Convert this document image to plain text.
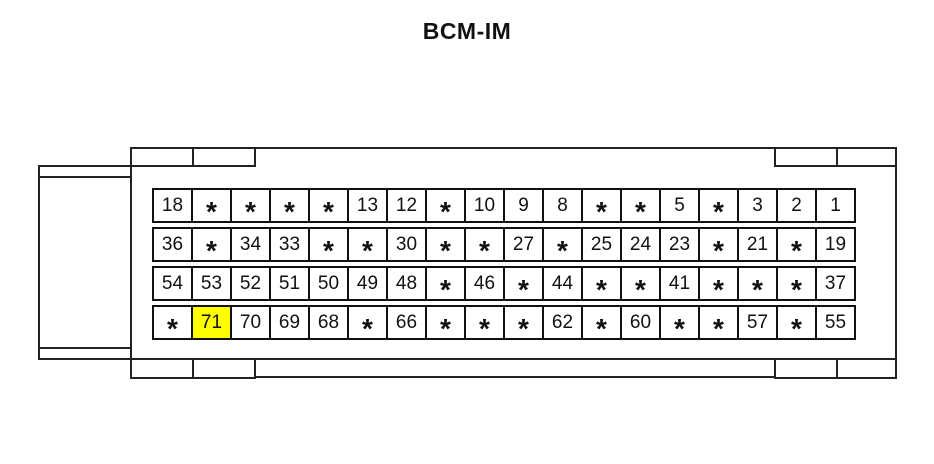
BCM-IM
18 * * * * 13 12 * 10 9 8 * * 5 * 3 2 1
36 * 34 33 * * 30 * * 27 * 25 24 23 * 21 * 19
54 53 52 51 50 49 48 * 46 * 44 * * 41 * * * 37
* 71 70 69 68 * 66 * * * 62 * 60 * * 57 * 55
